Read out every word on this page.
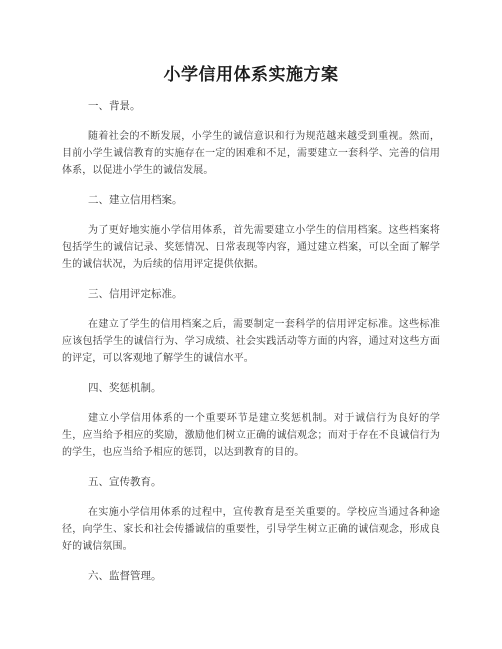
小学信用体系实施方案

一、背景。

随着社会的不断发展，小学生的诚信意识和行为规范越来越受到重视。然而，目前小学生诚信教育的实施存在一定的困难和不足，需要建立一套科学、完善的信用体系，以促进小学生的诚信发展。

二、建立信用档案。

为了更好地实施小学信用体系，首先需要建立小学生的信用档案。这些档案将包括学生的诚信记录、奖惩情况、日常表现等内容，通过建立档案，可以全面了解学生的诚信状况，为后续的信用评定提供依据。

三、信用评定标准。

在建立了学生的信用档案之后，需要制定一套科学的信用评定标准。这些标准应该包括学生的诚信行为、学习成绩、社会实践活动等方面的内容，通过对这些方面的评定，可以客观地了解学生的诚信水平。

四、奖惩机制。

建立小学信用体系的一个重要环节是建立奖惩机制。对于诚信行为良好的学生，应当给予相应的奖励，激励他们树立正确的诚信观念；而对于存在不良诚信行为的学生，也应当给予相应的惩罚，以达到教育的目的。

五、宣传教育。

在实施小学信用体系的过程中，宣传教育是至关重要的。学校应当通过各种途径，向学生、家长和社会传播诚信的重要性，引导学生树立正确的诚信观念，形成良好的诚信氛围。

六、监督管理。
